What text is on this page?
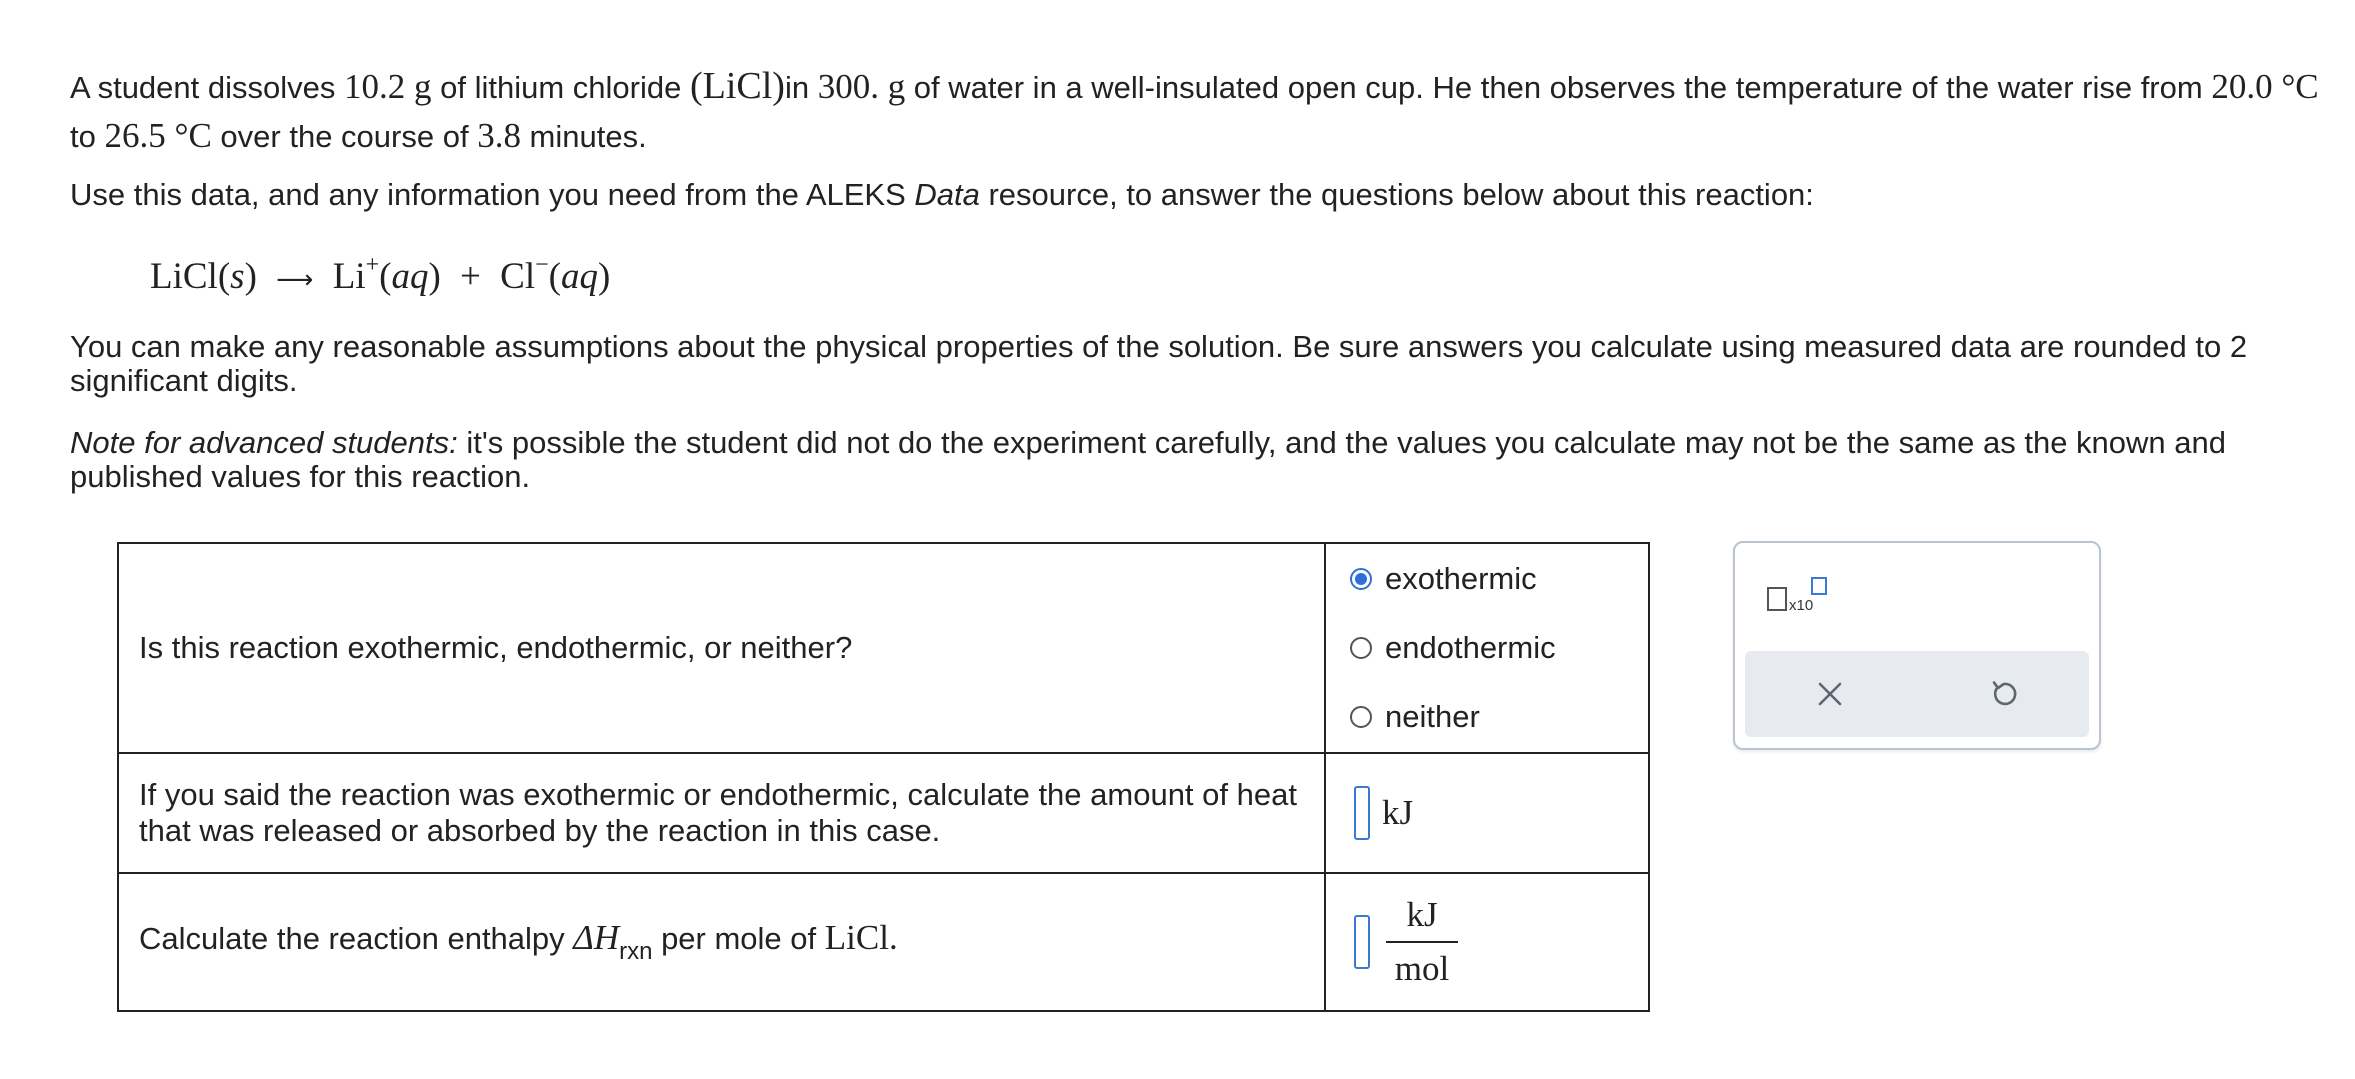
A student dissolves 10.2 g of lithium chloride (LiCl)in 300. g of water in a well-insulated open cup. He then observes the temperature of the water rise from 20.0 °C to 26.5 °C over the course of 3.8 minutes.

Use this data, and any information you need from the ALEKS Data resource, to answer the questions below about this reaction:

LiCl(s) ⟶ Li+(aq) + Cl−(aq)

You can make any reasonable assumptions about the physical properties of the solution. Be sure answers you calculate using measured data are rounded to 2 significant digits.

Note for advanced students: it's possible the student did not do the experiment carefully, and the values you calculate may not be the same as the known and published values for this reaction.

Is this reaction exothermic, endothermic, or neither?	exothermic
endothermic
neither

If you said the reaction was exothermic or endothermic, calculate the amount of heat that was released or absorbed by the reaction in this case.	kJ

Calculate the reaction enthalpy $\Delta H_{rxn}$ per mole of LiCl.	$\frac{kJ}{\text{mol}}$
x10
